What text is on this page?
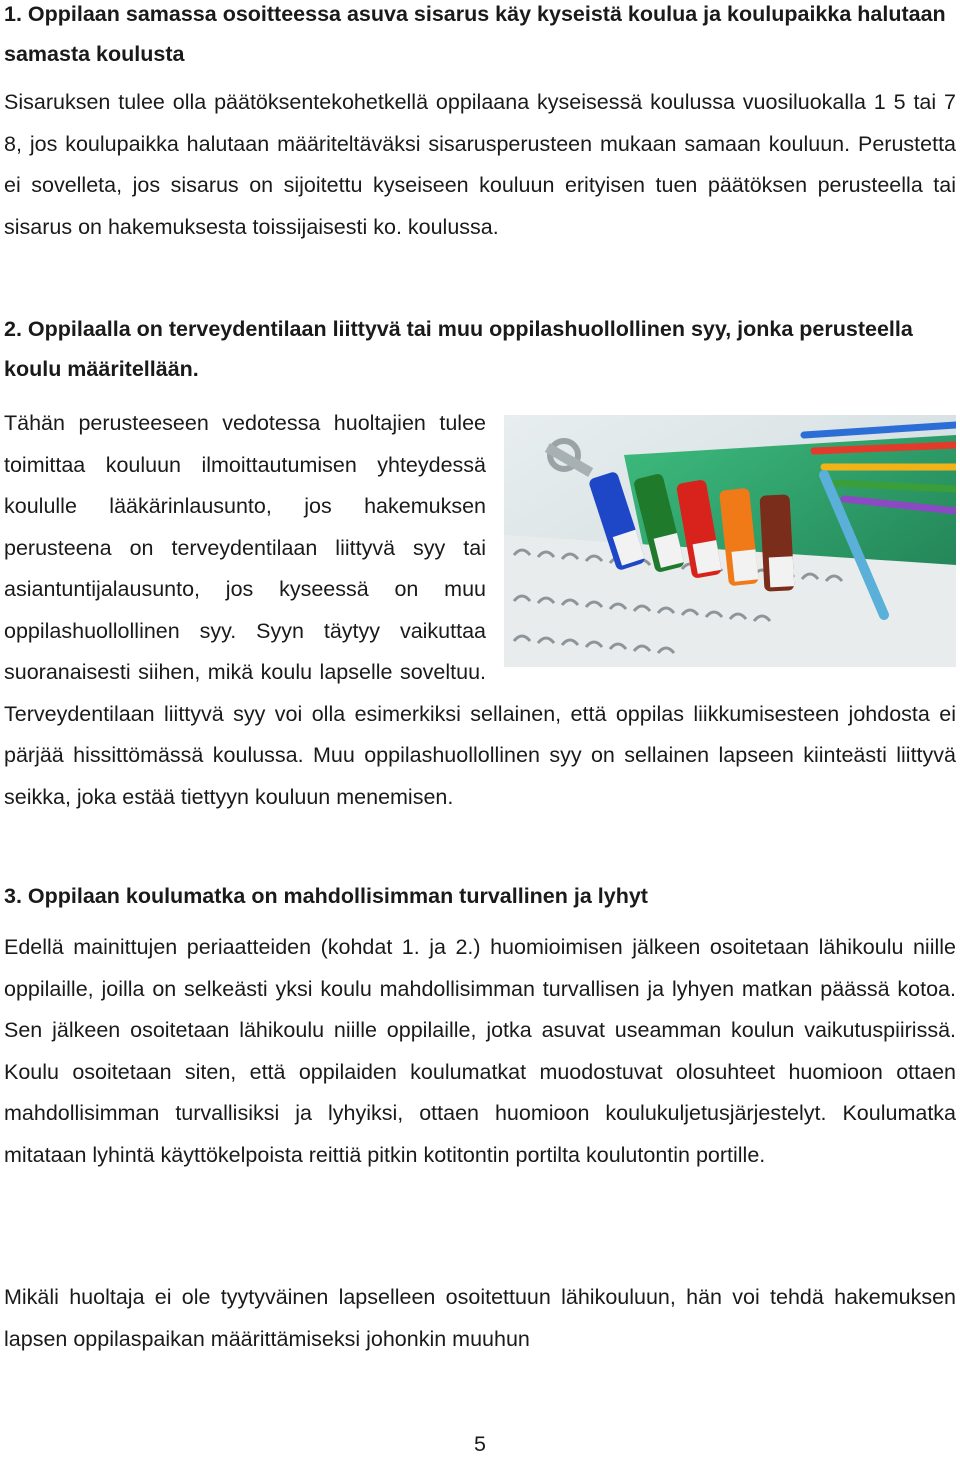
1. Oppilaan samassa osoitteessa asuva sisarus käy kyseistä koulua ja koulupaikka halutaan samasta koulusta

Sisaruksen tulee olla päätöksentekohetkellä oppilaana kyseisessä koulussa vuosiluokalla 1 5 tai 7 8, jos koulupaikka halutaan määriteltäväksi sisarusperusteen mukaan samaan kouluun. Perustetta ei sovelleta, jos sisarus on sijoitettu kyseiseen kouluun erityisen tuen päätöksen perusteella tai sisarus on hakemuksesta toissijaisesti ko. koulussa.

2. Oppilaalla on terveydentilaan liittyvä tai muu oppilashuollollinen syy, jonka perusteella koulu määritellään.

Tähän perusteeseen vedotessa huoltajien tulee toimittaa kouluun ilmoittautumisen yhteydessä koululle lääkärinlausunto, jos hakemuksen perusteena on terveydentilaan liittyvä syy tai asiantuntijalausunto, jos kyseessä on muu oppilashuollollinen syy. Syyn täytyy vaikuttaa suoranaisesti siihen, mikä koulu lapselle soveltuu. Terveydentilaan liittyvä syy voi olla esimerkiksi sellainen, että oppilas liikkumisesteen johdosta ei pärjää hissittömässä koulussa. Muu oppilashuollollinen syy on sellainen lapseen kiinteästi liittyvä seikka, joka estää tiettyyn kouluun menemisen.

3. Oppilaan koulumatka on mahdollisimman turvallinen ja lyhyt

Edellä mainittujen periaatteiden (kohdat 1. ja 2.) huomioimisen jälkeen osoitetaan lähikoulu niille oppilaille, joilla on selkeästi yksi koulu mahdollisimman turvallisen ja lyhyen matkan päässä kotoa. Sen jälkeen osoitetaan lähikoulu niille oppilaille, jotka asuvat useamman koulun vaikutuspiirissä. Koulu osoitetaan siten, että oppilaiden koulumatkat muodostuvat olosuhteet huomioon ottaen mahdollisimman turvallisiksi ja lyhyiksi, ottaen huomioon koulukuljetusjärjestelyt. Koulumatka mitataan lyhintä käyttökelpoista reittiä pitkin kotitontin portilta koulutontin portille.

Mikäli huoltaja ei ole tyytyväinen lapselleen osoitettuun lähikouluun, hän voi tehdä hakemuksen lapsen oppilaspaikan määrittämiseksi johonkin muuhun

5
